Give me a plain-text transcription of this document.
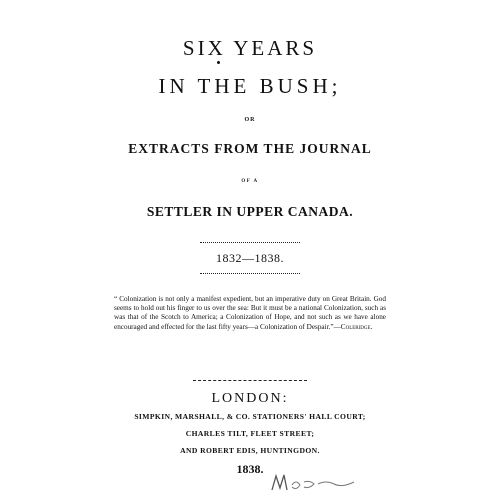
SIX YEARS
IN THE BUSH;
OR
EXTRACTS FROM THE JOURNAL
OF A
SETTLER IN UPPER CANADA.
1832—1838.
“ Colonization is not only a manifest expedient, but an imperative duty on Great Britain. God seems to hold out his finger to us over the sea: But it must be a national Colonization, such as was that of the Scotch to America; a Colonization of Hope, and not such as we have alone encouraged and effected for the last fifty years—a Colonization of Despair.”—Coleridge.
LONDON:
SIMPKIN, MARSHALL, & CO. STATIONERS' HALL COURT;
CHARLES TILT, FLEET STREET;
AND ROBERT EDIS, HUNTINGDON.
1838.
